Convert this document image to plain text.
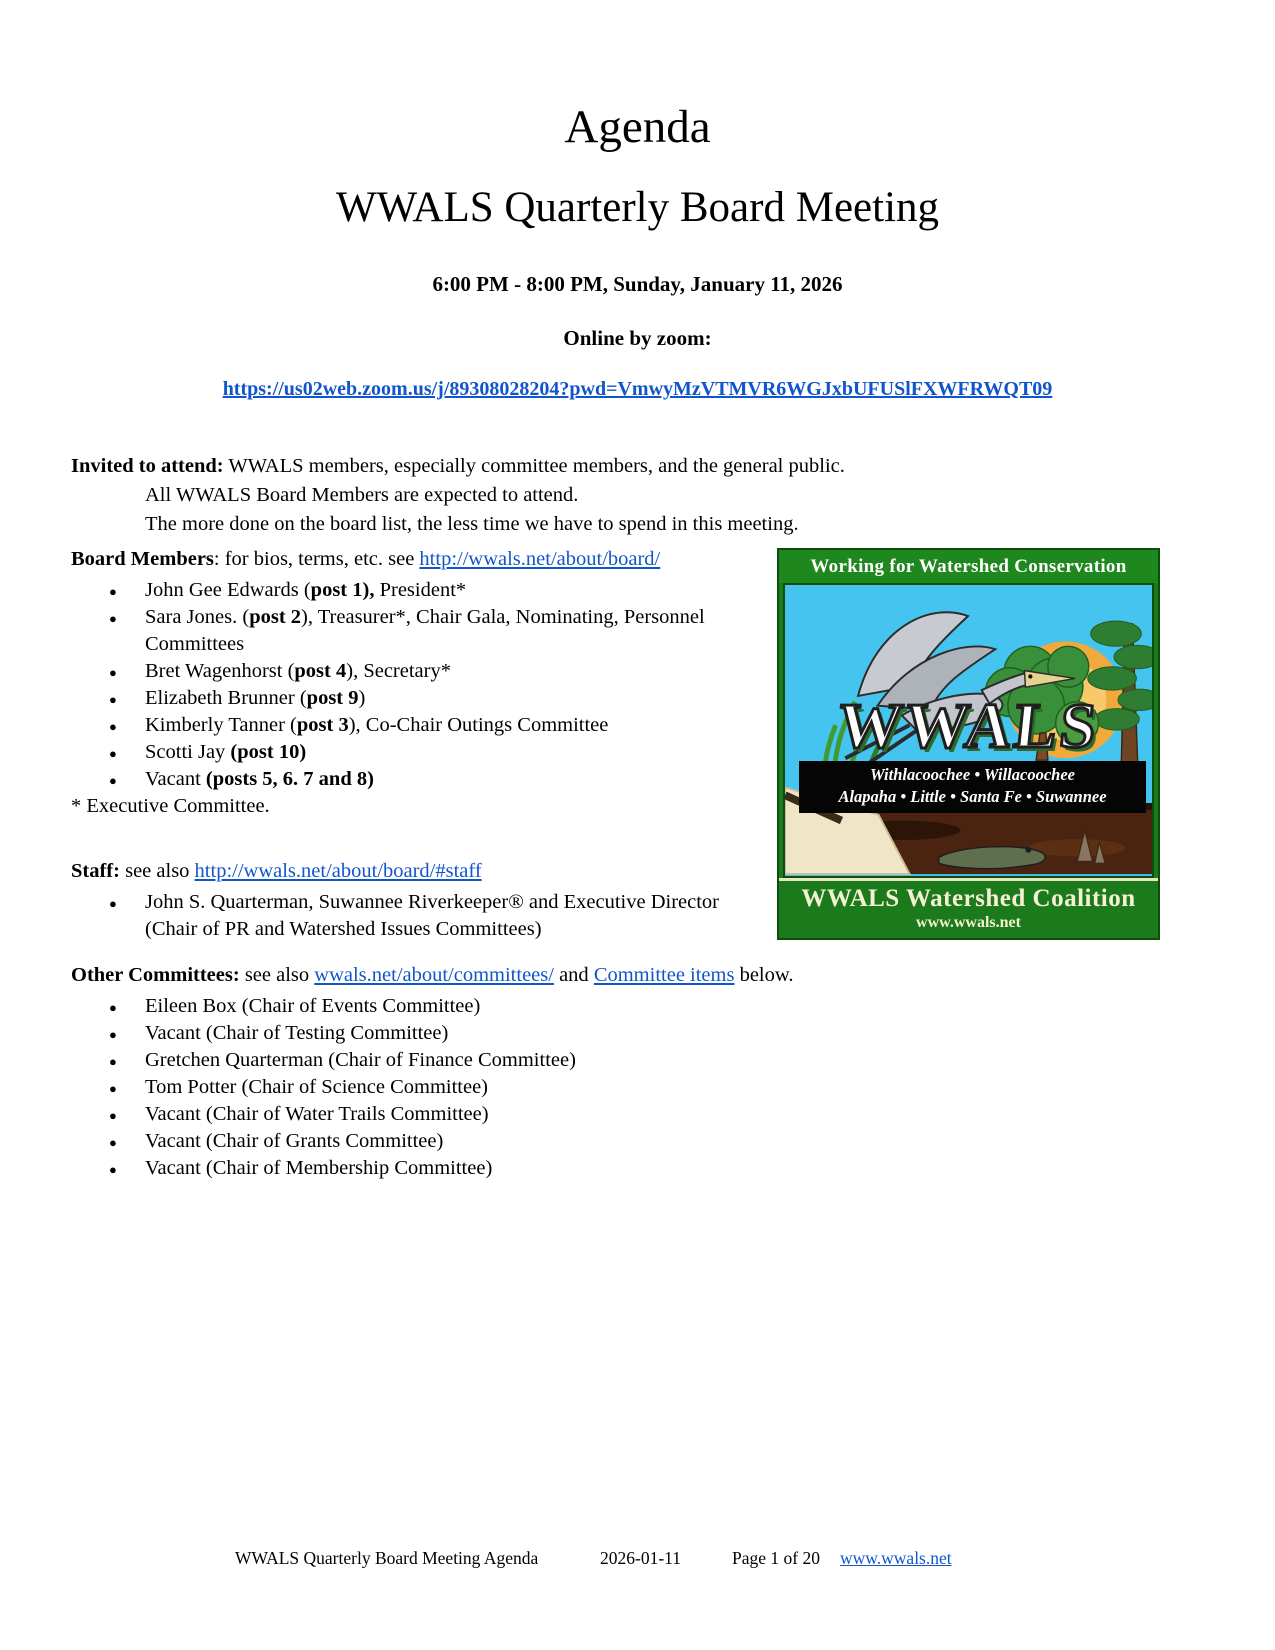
Agenda
WWALS Quarterly Board Meeting
6:00 PM - 8:00 PM, Sunday, January 11, 2026
Online by zoom:
https://us02web.zoom.us/j/89308028204?pwd=VmwyMzVTMVR6WGJxbUFUSlFXWFRWQT09
Invited to attend: WWALS members, especially committee members, and the general public.
All WWALS Board Members are expected to attend.
The more done on the board list, the less time we have to spend in this meeting.
Board Members: for bios, terms, etc. see http://wwals.net/about/board/
● John Gee Edwards (post 1), President*
● Sara Jones. (post 2), Treasurer*, Chair Gala, Nominating, Personnel Committees
● Bret Wagenhorst (post 4), Secretary*
● Elizabeth Brunner (post 9)
● Kimberly Tanner (post 3), Co-Chair Outings Committee
● Scotti Jay (post 10)
● Vacant (posts 5, 6. 7 and 8)
* Executive Committee.
Staff: see also http://wwals.net/about/board/#staff
● John S. Quarterman, Suwannee Riverkeeper® and Executive Director
(Chair of PR and Watershed Issues Committees)
Other Committees: see also wwals.net/about/committees/ and Committee items below.
● Eileen Box (Chair of Events Committee)
● Vacant (Chair of Testing Committee)
● Gretchen Quarterman (Chair of Finance Committee)
● Tom Potter (Chair of Science Committee)
● Vacant (Chair of Water Trails Committee)
● Vacant (Chair of Grants Committee)
● Vacant (Chair of Membership Committee)
Working for Watershed Conservation
WWALS
Withlacoochee • Willacoochee
Alapaha • Little • Santa Fe • Suwannee
WWALS Watershed Coalition
www.wwals.net
WWALS Quarterly Board Meeting Agenda	2026-01-11	Page 1 of 20 www.wwals.net
